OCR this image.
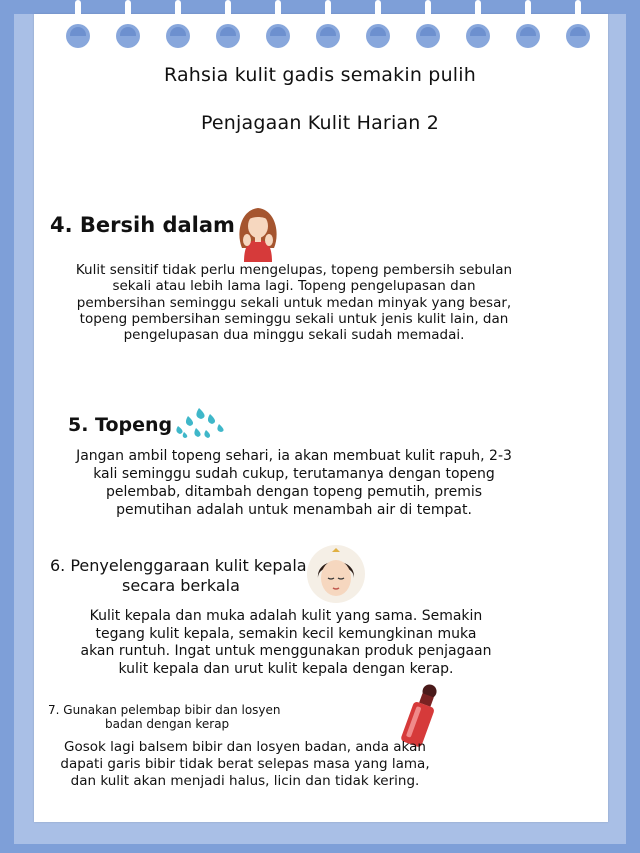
Rahsia kulit gadis semakin pulih
Penjagaan Kulit Harian 2
4. Bersih dalam
Kulit sensitif tidak perlu mengelupas, topeng pembersih sebulan
sekali atau lebih lama lagi. Topeng pengelupasan dan
pembersihan seminggu sekali untuk medan minyak yang besar,
topeng pembersihan seminggu sekali untuk jenis kulit lain, dan
pengelupasan dua minggu sekali sudah memadai.
5. Topeng
Jangan ambil topeng sehari, ia akan membuat kulit rapuh, 2-3
kali seminggu sudah cukup, terutamanya dengan topeng
pelembab, ditambah dengan topeng pemutih, premis
pemutihan adalah untuk menambah air di tempat.
6. Penyelenggaraan kulit kepala
secara berkala
Kulit kepala dan muka adalah kulit yang sama. Semakin
tegang kulit kepala, semakin kecil kemungkinan muka
akan runtuh. Ingat untuk menggunakan produk penjagaan
kulit kepala dan urut kulit kepala dengan kerap.
7. Gunakan pelembap bibir dan losyen
badan dengan kerap
Gosok lagi balsem bibir dan losyen badan, anda akan
dapati garis bibir tidak berat selepas masa yang lama,
dan kulit akan menjadi halus, licin dan tidak kering.
